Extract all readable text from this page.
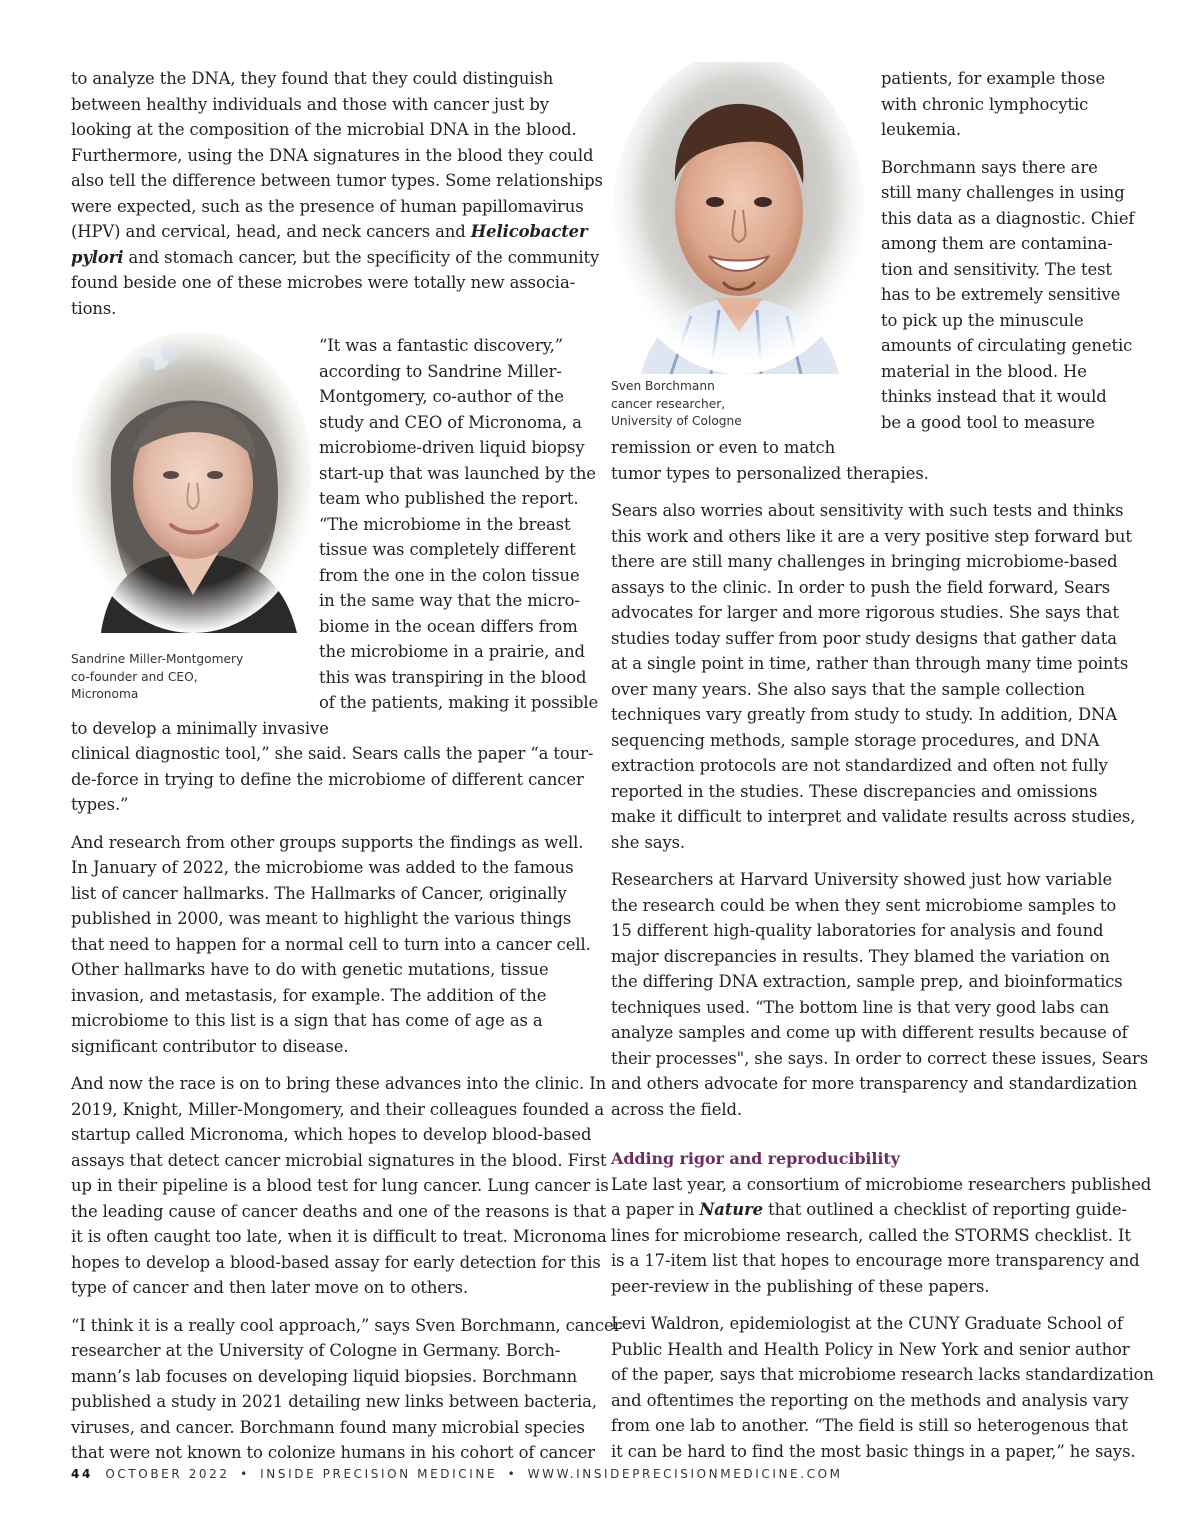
to analyze the DNA, they found that they could distinguish
between healthy individuals and those with cancer just by
looking at the composition of the microbial DNA in the blood.
Furthermore, using the DNA signatures in the blood they could
also tell the difference between tumor types. Some relationships
were expected, such as the presence of human papillomavirus
(HPV) and cervical, head, and neck cancers and Helicobacter
pylori and stomach cancer, but the specificity of the community
found beside one of these microbes were totally new associa-
tions.

Sandrine Miller-Montgomery
co-founder and CEO,
Micronoma

“It was a fantastic discovery,”
according to Sandrine Miller-
Montgomery, co-author of the
study and CEO of Micronoma, a
microbiome-driven liquid biopsy
start-up that was launched by the
team who published the report.
“The microbiome in the breast
tissue was completely different
from the one in the colon tissue
in the same way that the micro-
biome in the ocean differs from
the microbiome in a prairie, and
this was transpiring in the blood
of the patients, making it possible
to develop a minimally invasive
clinical diagnostic tool,” she said. Sears calls the paper “a tour-
de-force in trying to define the microbiome of different cancer
types.”

And research from other groups supports the findings as well.
In January of 2022, the microbiome was added to the famous
list of cancer hallmarks. The Hallmarks of Cancer, originally
published in 2000, was meant to highlight the various things
that need to happen for a normal cell to turn into a cancer cell.
Other hallmarks have to do with genetic mutations, tissue
invasion, and metastasis, for example. The addition of the
microbiome to this list is a sign that has come of age as a
significant contributor to disease.

And now the race is on to bring these advances into the clinic. In
2019, Knight, Miller-Mongomery, and their colleagues founded a
startup called Micronoma, which hopes to develop blood-based
assays that detect cancer microbial signatures in the blood. First
up in their pipeline is a blood test for lung cancer. Lung cancer is
the leading cause of cancer deaths and one of the reasons is that
it is often caught too late, when it is difficult to treat. Micronoma
hopes to develop a blood-based assay for early detection for this
type of cancer and then later move on to others.

“I think it is a really cool approach,” says Sven Borchmann, cancer
researcher at the University of Cologne in Germany. Borch-
mann’s lab focuses on developing liquid biopsies. Borchmann
published a study in 2021 detailing new links between bacteria,
viruses, and cancer. Borchmann found many microbial species
that were not known to colonize humans in his cohort of cancer

Sven Borchmann
cancer researcher,
University of Cologne

patients, for example those
with chronic lymphocytic
leukemia.

Borchmann says there are
still many challenges in using
this data as a diagnostic. Chief
among them are contamina-
tion and sensitivity. The test
has to be extremely sensitive
to pick up the minuscule
amounts of circulating genetic
material in the blood. He
thinks instead that it would
be a good tool to measure
remission or even to match
tumor types to personalized therapies.

Sears also worries about sensitivity with such tests and thinks
this work and others like it are a very positive step forward but
there are still many challenges in bringing microbiome-based
assays to the clinic. In order to push the field forward, Sears
advocates for larger and more rigorous studies. She says that
studies today suffer from poor study designs that gather data
at a single point in time, rather than through many time points
over many years. She also says that the sample collection
techniques vary greatly from study to study. In addition, DNA
sequencing methods, sample storage procedures, and DNA
extraction protocols are not standardized and often not fully
reported in the studies. These discrepancies and omissions
make it difficult to interpret and validate results across studies,
she says.

Researchers at Harvard University showed just how variable
the research could be when they sent microbiome samples to
15 different high-quality laboratories for analysis and found
major discrepancies in results. They blamed the variation on
the differing DNA extraction, sample prep, and bioinformatics
techniques used. “The bottom line is that very good labs can
analyze samples and come up with different results because of
their processes", she says. In order to correct these issues, Sears
and others advocate for more transparency and standardization
across the field.

Adding rigor and reproducibility

Late last year, a consortium of microbiome researchers published
a paper in Nature that outlined a checklist of reporting guide-
lines for microbiome research, called the STORMS checklist. It
is a 17-item list that hopes to encourage more transparency and
peer-review in the publishing of these papers.

Levi Waldron, epidemiologist at the CUNY Graduate School of
Public Health and Health Policy in New York and senior author
of the paper, says that microbiome research lacks standardization
and oftentimes the reporting on the methods and analysis vary
from one lab to another. “The field is still so heterogenous that
it can be hard to find the most basic things in a paper,” he says.

44 OCTOBER 2022 • INSIDE PRECISION MEDICINE • WWW.INSIDEPRECISIONMEDICINE.COM
